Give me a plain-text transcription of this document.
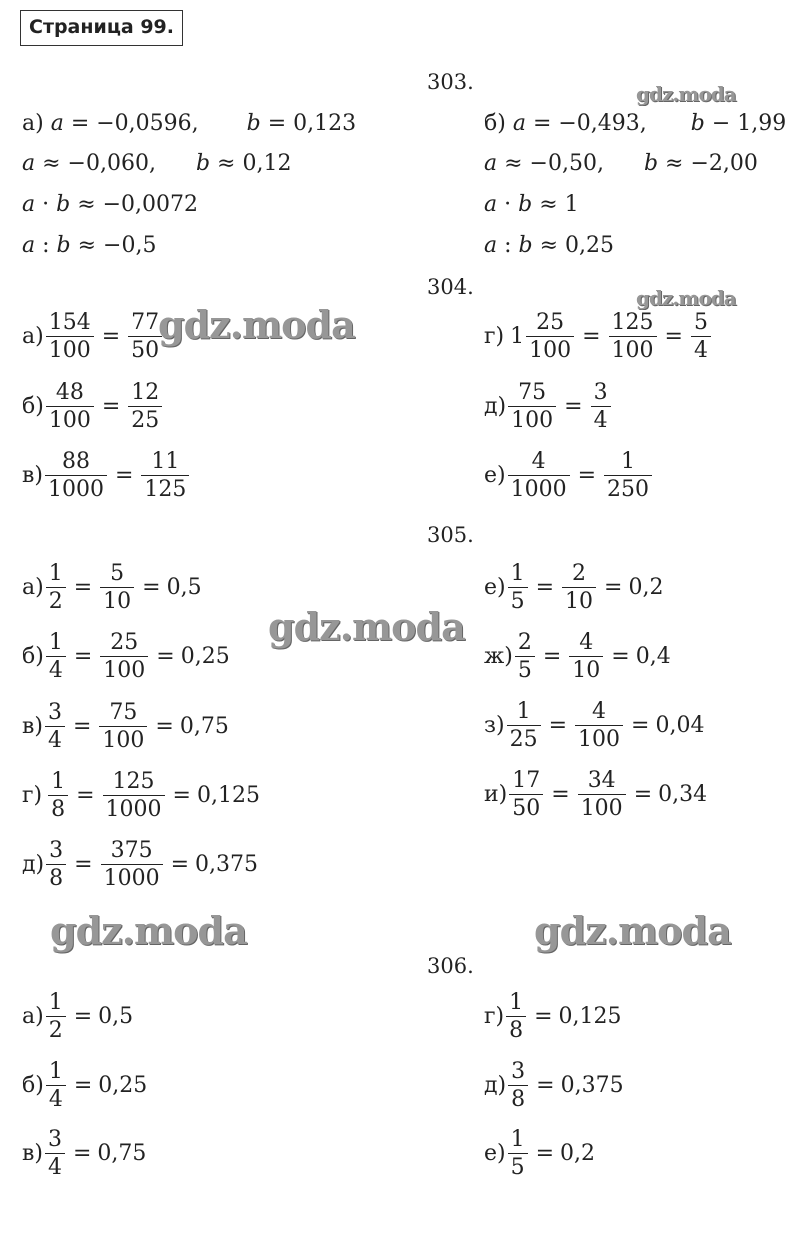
Страница 99.
gdz.moda
gdz.moda
gdz.moda
gdz.moda
gdz.moda	gdz.moda
303.
а) a = −0,0596, b = 0,123
a ≈ −0,060, b ≈ 0,12
a · b ≈ −0,0072
a : b ≈ −0,5
б) a = −0,493, b − 1,99
a ≈ −0,50, b ≈ −2,00
a · b ≈ 1
a : b ≈ 0,25
304.
$а) \frac{154}{100} = \frac{77}{50}$
$б) \frac{48}{100} = \frac{12}{25}$
$в) \frac{88}{1000} = \frac{11}{125}$
г) $1 \frac{25}{100} = \frac{125}{100} = \frac{5}{4}$
$д) \frac{75}{100} = \frac{3}{4}$
$е) \frac{4}{1000} = \frac{1}{250}$
305.
$а) \frac{1}{2} = \frac{5}{10} = 0,5$
$б) \frac{1}{4} = \frac{25}{100} = 0,25$
$в) \frac{3}{4} = \frac{75}{100} = 0,75$
$г) \frac{1}{8} = \frac{125}{1000} = 0,125$
$д) \frac{3}{8} = \frac{375}{1000} = 0,375$
$е) \frac{1}{5} = \frac{2}{10} = 0,2$
$ж) \frac{2}{5} = \frac{4}{10} = 0,4$
$з) \frac{1}{25} = \frac{4}{100} = 0,04$
$и) \frac{17}{50} = \frac{34}{100} = 0,34$
306.
$а) \frac{1}{2} = 0,5$
$б) \frac{1}{4} = 0,25$
$в) \frac{3}{4} = 0,75$
$г) \frac{1}{8} = 0,125$
$д) \frac{3}{8} = 0,375$
$е) \frac{1}{5} = 0,2$
